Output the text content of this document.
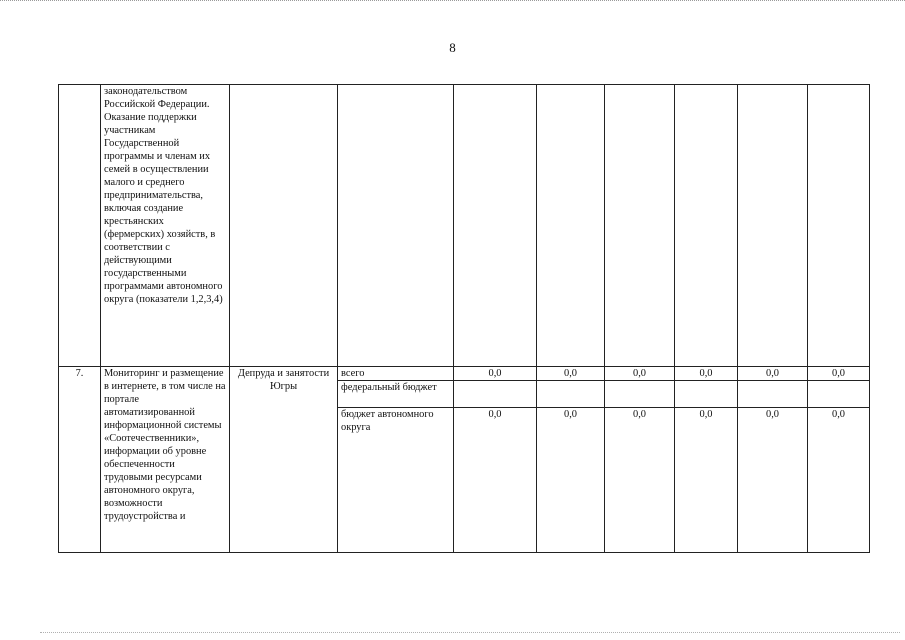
8
	законодательством Российской Федерации. Оказание поддержки участникам Государственной программы и членам их семей в осуществлении малого и среднего предпринимательства, включая создание крестьянских (фермерских) хозяйств, в соответствии с действующими государственными программами автономного округа (показатели 1,2,3,4)								
7.	Мониторинг и размещение в интернете, в том числе на портале автоматизированной информационной системы «Соотечественники», информации об уровне обеспеченности трудовыми ресурсами автономного округа, возможности трудоустройства и	Депруда и занятости Югры	всего	0,0	0,0	0,0	0,0	0,0	0,0
			федеральный бюджет						
			бюджет автономного округа	0,0	0,0	0,0	0,0	0,0	0,0
